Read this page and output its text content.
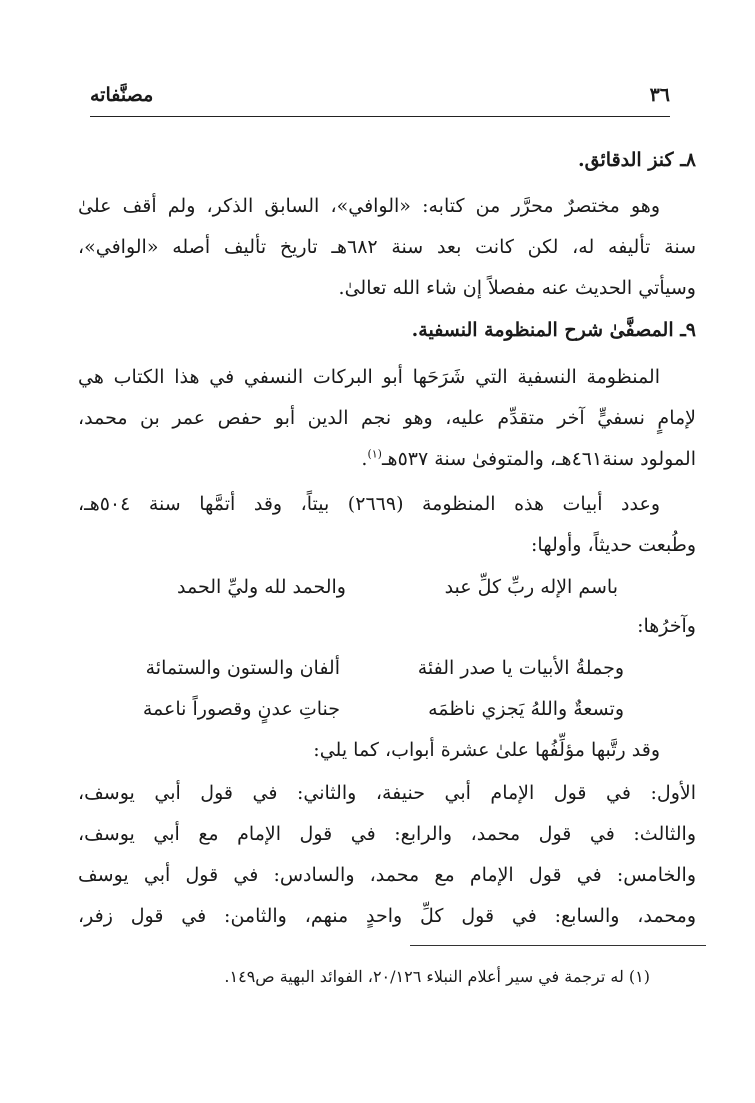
٣٦
مصنَّفاته
٨ـ كنز الدقائق.
وهو مختصرٌ محرَّر من كتابه: «الوافي»، السابق الذكر، ولم أقف علىٰ
سنة تأليفه له، لكن كانت بعد سنة ٦٨٢هـ تاريخ تأليف أصله «الوافي»،
وسيأتي الحديث عنه مفصلاً إن شاء الله تعالىٰ.
٩ـ المصفَّىٰ شرح المنظومة النسفية.
المنظومة النسفية التي شَرَحَها أبو البركات النسفي في هذا الكتاب هي
لإمامٍ نسفيٍّ آخر متقدِّم عليه، وهو نجم الدين أبو حفص عمر بن محمد،
المولود سنة٤٦١هـ، والمتوفىٰ سنة ٥٣٧هـ$^{(١)}$.
وعدد أبيات هذه المنظومة (٢٦٦٩) بيتاً، وقد أتمَّها سنة ٥٠٤هـ،
وطُبعت حديثاً، وأولها:
باسم الإله ربِّ كلِّ عبد
والحمد لله وليِّ الحمد
وآخرُها:
وجملةُ الأبيات يا صدر الفئة
ألفان والستون والستمائة
وتسعةٌ واللهُ يَجزي ناظمَه
جناتِ عدنٍ وقصوراً ناعمة
وقد رتَّبها مؤلِّفُها علىٰ عشرة أبواب، كما يلي:
الأول: في قول الإمام أبي حنيفة، والثاني: في قول أبي يوسف،
والثالث: في قول محمد، والرابع: في قول الإمام مع أبي يوسف،
والخامس: في قول الإمام مع محمد، والسادس: في قول أبي يوسف
ومحمد، والسابع: في قول كلِّ واحدٍ منهم، والثامن: في قول زفر،
(١) له ترجمة في سير أعلام النبلاء ٢٠/١٢٦، الفوائد البهية ص١٤٩.
